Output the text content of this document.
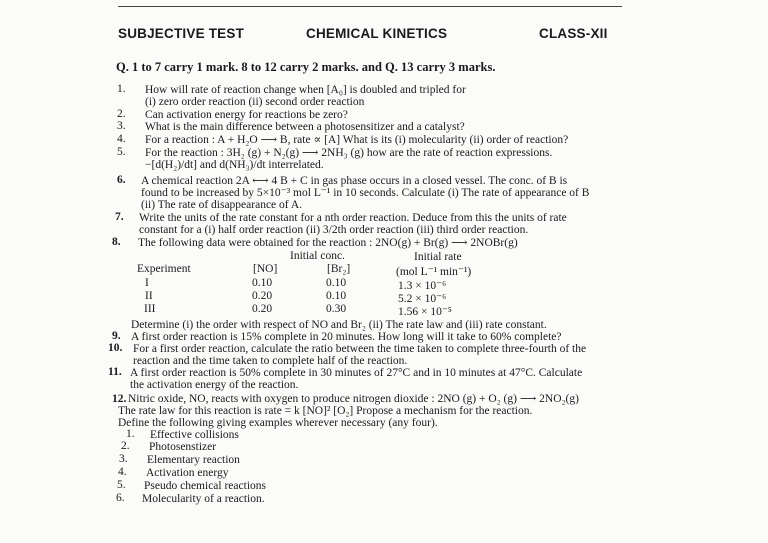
SUBJECTIVE TEST	CHEMICAL KINETICS	CLASS-XII
Q. 1 to 7 carry 1 mark. 8 to 12 carry 2 marks. and Q. 13 carry 3 marks.
1. How will rate of reaction change when [A₀] is doubled and tripled for
(i) zero order reaction (ii) second order reaction
2. Can activation energy for reactions be zero?
3. What is the main difference between a photosensitizer and a catalyst?
4. For a reaction : A + H₂O ⟶ B, rate ∝ [A] What is its (i) molecularity (ii) order of reaction?
5. For the reaction : 3H₂ (g) + N₂(g) ⟶ 2NH₃ (g) how are the rate of reaction expressions.
−[d(H₂)/dt] and d(NH₃)/dt interrelated.
6. A chemical reaction 2A ⟷ 4 B + C in gas phase occurs in a closed vessel. The conc. of B is
found to be increased by 5×10⁻³ mol L⁻¹ in 10 seconds. Calculate (i) The rate of appearance of B
(ii) The rate of disappearance of A.
7. Write the units of the rate constant for a nth order reaction. Deduce from this the units of rate
constant for a (i) half order reaction (ii) 3/2th order reaction (iii) third order reaction.
8. The following data were obtained for the reaction : 2NO(g) + Br(g) ⟶ 2NOBr(g)
Initial conc.	Initial rate
Experiment	[NO]	[Br₂]	(mol L⁻¹ min⁻¹)
I	0.10	0.10	1.3 × 10⁻⁶
II	0.20	0.10	5.2 × 10⁻⁶
III	0.20	0.30	1.56 × 10⁻⁵
Determine (i) the order with respect of NO and Br₂ (ii) The rate law and (iii) rate constant.
9. A first order reaction is 15% complete in 20 minutes. How long will it take to 60% complete?
10. For a first order reaction, calculate the ratio between the time taken to complete three-fourth of the
reaction and the time taken to complete half of the reaction.
11. A first order reaction is 50% complete in 30 minutes of 27°C and in 10 minutes at 47°C. Calculate
the activation energy of the reaction.
12. Nitric oxide, NO, reacts with oxygen to produce nitrogen dioxide : 2NO (g) + O₂ (g) ⟶ 2NO₂(g)
The rate law for this reaction is rate = k [NO]² [O₂] Propose a mechanism for the reaction.
Define the following giving examples wherever necessary (any four).
1. Effective collisions
2. Photosenstizer
3. Elementary reaction
4. Activation energy
5. Pseudo chemical reactions
6. Molecularity of a reaction.
